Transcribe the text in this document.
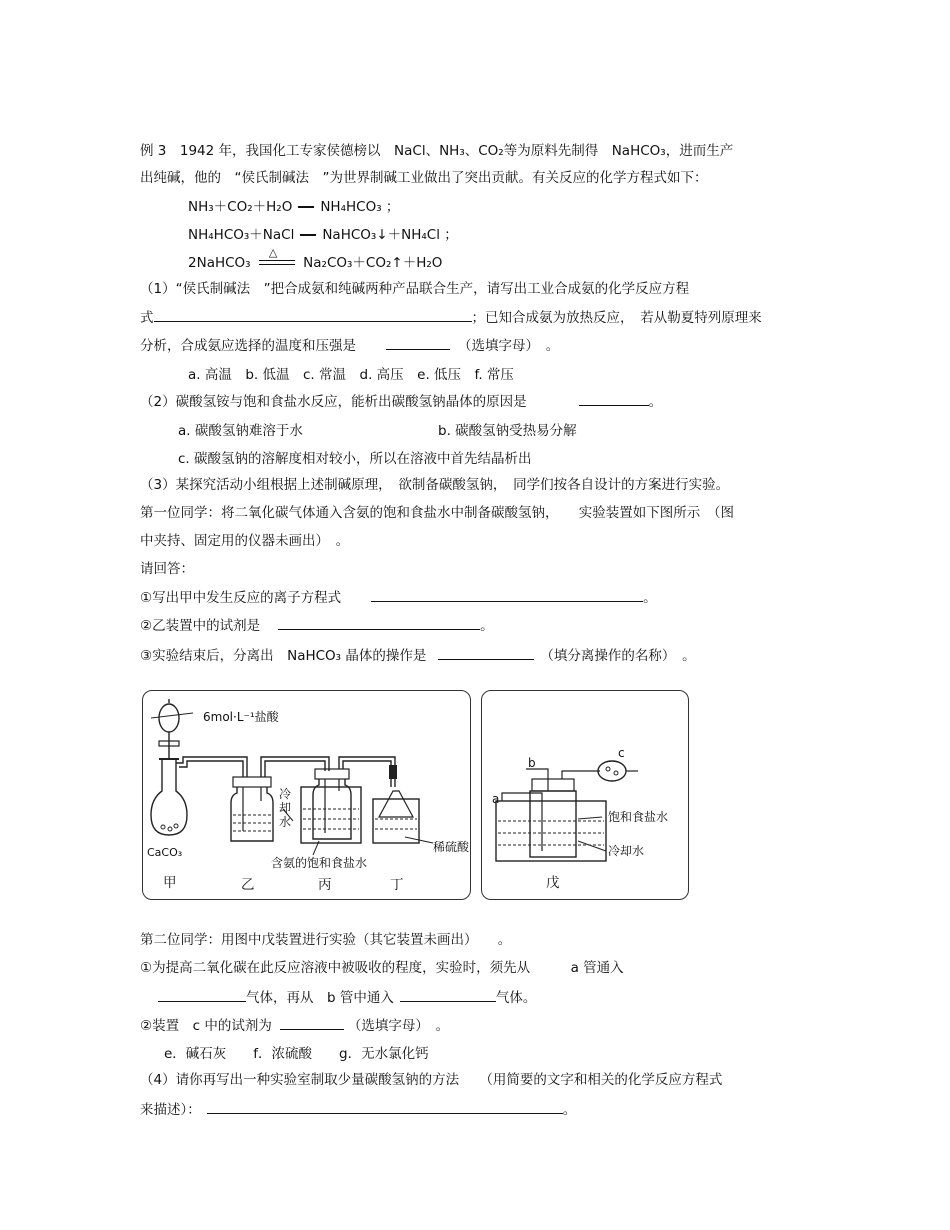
例 3　1942 年，我国化工专家侯德榜以　NaCl、NH₃、CO₂等为原料先制得　NaHCO₃，进而生产
出纯碱，他的　“侯氏制碱法　”为世界制碱工业做出了突出贡献。有关反应的化学方程式如下：
NH₃＋CO₂＋H₂O NH₄HCO₃ ；
NH₄HCO₃＋NaCl NaHCO₃↓＋NH₄Cl ；
2NaHCO₃
△
Na₂CO₃＋CO₂↑＋H₂O
（1）“侯氏制碱法　”把合成氨和纯碱两种产品联合生产，请写出工业合成氨的化学反应方程
式	；已知合成氨为放热反应，　若从勒夏特列原理来
分析，合成氨应选择的温度和压强是	（选填字母）　。
a. 高温　b. 低温　c. 常温　d. 高压　e. 低压　f. 常压
（2）碳酸氢铵与饱和食盐水反应，能析出碳酸氢钠晶体的原因是	。
a. 碳酸氢钠难溶于水	b. 碳酸氢钠受热易分解
c. 碳酸氢钠的溶解度相对较小，所以在溶液中首先结晶析出
（3）某探究活动小组根据上述制碱原理，　欲制备碳酸氢钠，　同学们按各自设计的方案进行实验。
第一位同学：将二氧化碳气体通入含氨的饱和食盐水中制备碳酸氢钠，　　实验装置如下图所示　（图
中夹持、固定用的仪器未画出）　。
请回答：
①写出甲中发生反应的离子方程式	。
②乙装置中的试剂是	。
③实验结束后，分离出　NaHCO₃ 晶体的操作是	（填分离操作的名称）　。
6mol·L⁻¹盐酸
CaCO₃
冷却水
含氨的饱和食盐水
稀硫酸
甲	乙	丙	丁
a
b
c
饱和食盐水
冷却水
戊
第二位同学：用图中戊装置进行实验（其它装置未画出）　　。
①为提高二氧化碳在此反应溶液中被吸收的程度，实验时，须先从　　　a 管通入
气体，再从　b 管中通入	气体。
②装置　c 中的试剂为	（选填字母）　。
e．碱石灰　　f．浓硫酸　　g．无水氯化钙
（4）请你再写出一种实验室制取少量碳酸氢钠的方法　　（用简要的文字和相关的化学反应方程式
来描述）：	。
